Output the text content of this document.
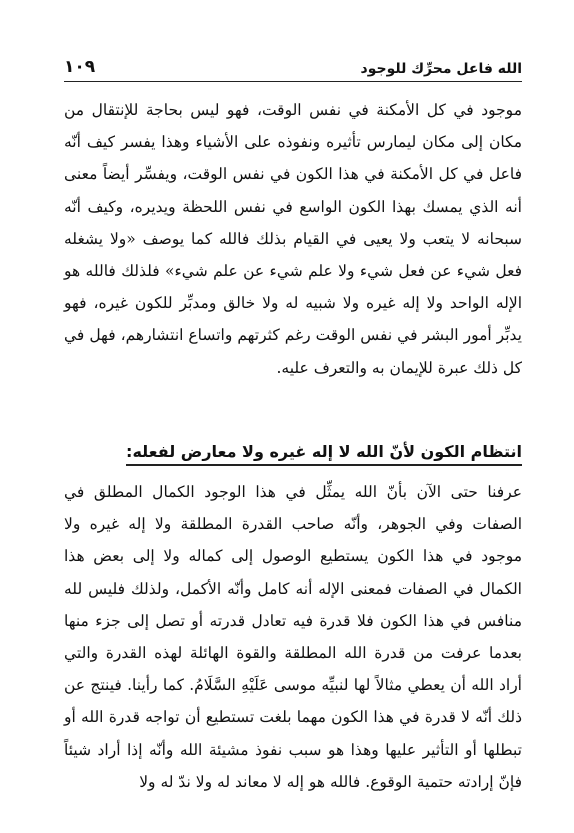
الله فاعل محرِّك للوجود
١٠٩

موجود في كل الأمكنة في نفس الوقت، فهو ليس بحاجة للإنتقال من مكان إلى مكان ليمارس تأثيره ونفوذه على الأشياء وهذا يفسر كيف أنّه فاعل في كل الأمكنة في هذا الكون في نفس الوقت، ويفسِّر أيضاً معنى أنه الذي يمسك بهذا الكون الواسع في نفس اللحظة ويديره، وكيف أنّه سبحانه لا يتعب ولا يعيى في القيام بذلك فالله كما يوصف «ولا يشغله فعل شيء عن فعل شيء ولا علم شيء عن علم شيء» فلذلك فالله هو الإله الواحد ولا إله غيره ولا شبيه له ولا خالق ومدبِّر للكون غيره، فهو يدبِّر أمور البشر في نفس الوقت رغم كثرتهم واتساع انتشارهم، فهل في كل ذلك عبرة للإيمان به والتعرف عليه.

انتظام الكون لأنّ الله لا إله غيره ولا معارض لفعله:

عرفنا حتى الآن بأنّ الله يمثِّل في هذا الوجود الكمال المطلق في الصفات وفي الجوهر، وأنّه صاحب القدرة المطلقة ولا إله غيره ولا موجود في هذا الكون يستطيع الوصول إلى كماله ولا إلى بعض هذا الكمال في الصفات فمعنى الإله أنه كامل وأنّه الأكمل، ولذلك فليس لله منافس في هذا الكون فلا قدرة فيه تعادل قدرته أو تصل إلى جزء منها بعدما عرفت من قدرة الله المطلقة والقوة الهائلة لهذه القدرة والتي أراد الله أن يعطي مثالاً لها لنبيِّه موسى عَلَيْهِ السَّلَامُ. كما رأينا. فينتج عن ذلك أنّه لا قدرة في هذا الكون مهما بلغت تستطيع أن تواجه قدرة الله أو تبطلها أو التأثير عليها وهذا هو سبب نفوذ مشيئة الله وأنّه إذا أراد شيئاً فإنّ إرادته حتمية الوقوع. فالله هو إله لا معاند له ولا ندّ له ولا
